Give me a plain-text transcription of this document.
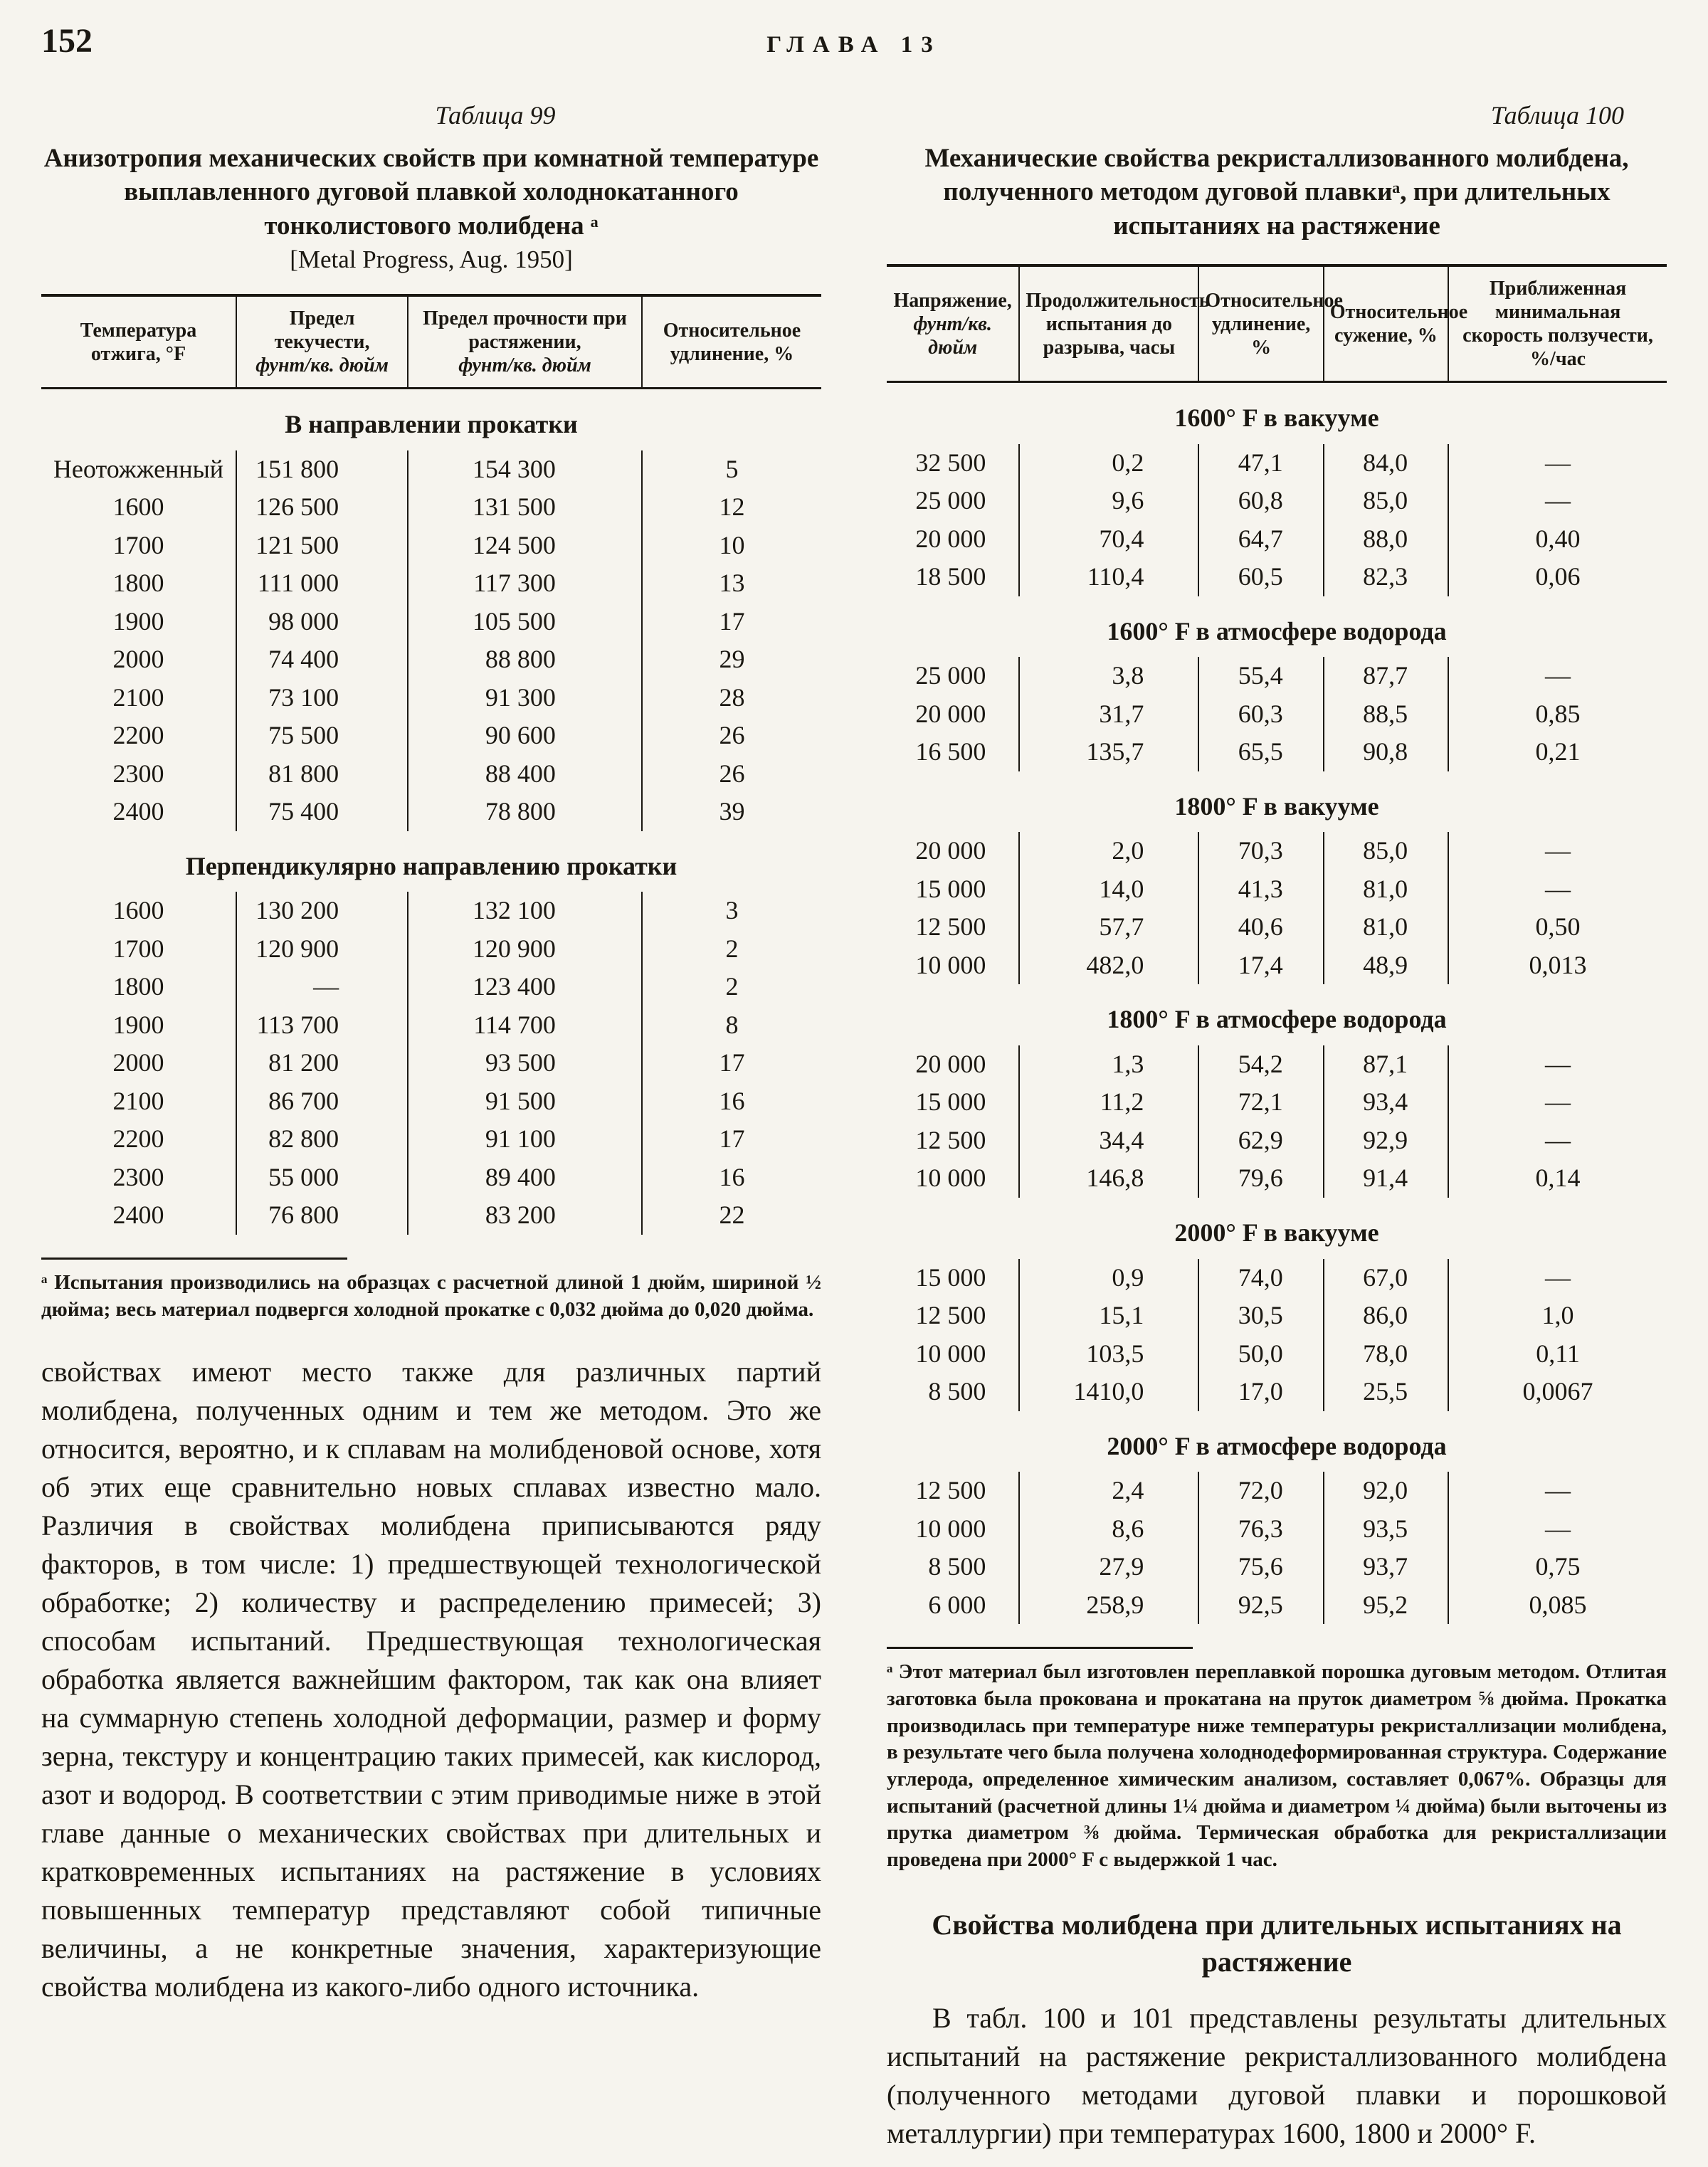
152	ГЛАВА 13
Таблица 99
Анизотропия механических свойств при комнатной температуре выплавленного дуговой плавкой холоднокатанного тонколистового молибдена ᵃ
[Metal Progress, Aug. 1950]
Температура отжига, °F

Предел текучести,
фунт/кв. дюйм

Предел прочности при растяжении,
фунт/кв. дюйм

Относительное удлинение, %

В направлении прокатки			
Неотожженный	151 800	154 300	5
1600	126 500	131 500	12
1700	121 500	124 500	10
1800	111 000	117 300	13
1900	98 000	105 500	17
2000	74 400	88 800	29
2100	73 100	91 300	28
2200	75 500	90 600	26
2300	81 800	88 400	26
2400	75 400	78 800	39
Перпендикулярно направлению прокатки			
1600	130 200	132 100	3
1700	120 900	120 900	2
1800	—	123 400	2
1900	113 700	114 700	8
2000	81 200	93 500	17
2100	86 700	91 500	16
2200	82 800	91 100	17
2300	55 000	89 400	16
2400	76 800	83 200	22
ᵃ Испытания производились на образцах с расчетной длиной 1 дюйм, шириной ½ дюйма; весь материал подвергся холодной прокатке с 0,032 дюйма до 0,020 дюйма.
свойствах имеют место также для различных партий молибдена, полученных одним и тем же методом. Это же относится, вероятно, и к сплавам на молибденовой основе, хотя об этих еще сравнительно новых сплавах известно мало. Различия в свойствах молибдена приписываются ряду факторов, в том числе: 1) предшествующей технологической обработке; 2) количеству и распределению примесей; 3) способам испытаний. Предшествующая технологическая обработка является важнейшим фактором, так как она влияет на суммарную степень холодной деформации, размер и форму зерна, текстуру и концентрацию таких примесей, как кислород, азот и водород. В соответствии с этим приводимые ниже в этой главе данные о механических свойствах при длительных и кратковременных испытаниях на растяжение в условиях повышенных температур представляют собой типичные величины, а не конкретные значения, характеризующие свойства молибдена из какого-либо одного источника.
Таблица 100
Механические свойства рекристаллизованного молибдена, полученного методом дуговой плавкиᵃ, при длительных испытаниях на растяжение
Напряжение,
фунт/кв. дюйм	Продолжительность испытания до разрыва, часы	Относительное удлинение, %	Относительное сужение, %	Приближенная минимальная скорость ползучести, %/час

1600° F в вакууме				
32 500	0,2	47,1	84,0	—
25 000	9,6	60,8	85,0	—
20 000	70,4	64,7	88,0	0,40
18 500	110,4	60,5	82,3	0,06
1600° F в атмосфере водорода				
25 000	3,8	55,4	87,7	—
20 000	31,7	60,3	88,5	0,85
16 500	135,7	65,5	90,8	0,21
1800° F в вакууме				
20 000	2,0	70,3	85,0	—
15 000	14,0	41,3	81,0	—
12 500	57,7	40,6	81,0	0,50
10 000	482,0	17,4	48,9	0,013
1800° F в атмосфере водорода				
20 000	1,3	54,2	87,1	—
15 000	11,2	72,1	93,4	—
12 500	34,4	62,9	92,9	—
10 000	146,8	79,6	91,4	0,14
2000° F в вакууме				
15 000	0,9	74,0	67,0	—
12 500	15,1	30,5	86,0	1,0
10 000	103,5	50,0	78,0	0,11
8 500	1410,0	17,0	25,5	0,0067
2000° F в атмосфере водорода				
12 500	2,4	72,0	92,0	—
10 000	8,6	76,3	93,5	—
8 500	27,9	75,6	93,7	0,75
6 000	258,9	92,5	95,2	0,085
ᵃ Этот материал был изготовлен переплавкой порошка дуговым методом. Отлитая заготовка была прокована и прокатана на пруток диаметром ⅝ дюйма. Прокатка производилась при температуре ниже температуры рекристаллизации молибдена, в результате чего была получена холоднодеформированная структура. Содержание углерода, определенное химическим анализом, составляет 0,067%. Образцы для испытаний (расчетной длины 1¼ дюйма и диаметром ¼ дюйма) были выточены из прутка диаметром ⅜ дюйма. Термическая обработка для рекристаллизации проведена при 2000° F с выдержкой 1 час.
Свойства молибдена при длительных испытаниях на растяжение
В табл. 100 и 101 представлены результаты длительных испытаний на растяжение рекристаллизованного молибдена (полученного методами дуговой плавки и порошковой металлургии) при температурах 1600, 1800 и 2000° F.
